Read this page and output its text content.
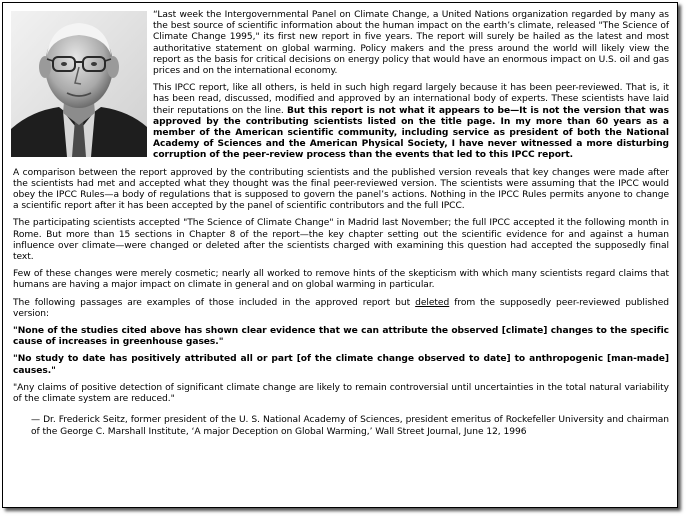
“Last week the Intergovernmental Panel on Climate Change, a United Nations organization regarded by many as the best source of scientific information about the human impact on the earth’s climate, released "The Science of Climate Change 1995," its first new report in five years. The report will surely be hailed as the latest and most authoritative statement on global warming. Policy makers and the press around the world will likely view the report as the basis for critical decisions on energy policy that would have an enormous impact on U.S. oil and gas prices and on the international economy.

This IPCC report, like all others, is held in such high regard largely because it has been peer-reviewed. That is, it has been read, discussed, modified and approved by an international body of experts. These scientists have laid their reputations on the line. But this report is not what it appears to be—It is not the version that was approved by the contributing scientists listed on the title page. In my more than 60 years as a member of the American scientific community, including service as president of both the National Academy of Sciences and the American Physical Society, I have never witnessed a more disturbing corruption of the peer-review process than the events that led to this IPCC report.

A comparison between the report approved by the contributing scientists and the published version reveals that key changes were made after the scientists had met and accepted what they thought was the final peer-reviewed version. The scientists were assuming that the IPCC would obey the IPCC Rules—a body of regulations that is supposed to govern the panel’s actions. Nothing in the IPCC Rules permits anyone to change a scientific report after it has been accepted by the panel of scientific contributors and the full IPCC.

The participating scientists accepted "The Science of Climate Change" in Madrid last November; the full IPCC accepted it the following month in Rome. But more than 15 sections in Chapter 8 of the report—the key chapter setting out the scientific evidence for and against a human influence over climate—were changed or deleted after the scientists charged with examining this question had accepted the supposedly final text.

Few of these changes were merely cosmetic; nearly all worked to remove hints of the skepticism with which many scientists regard claims that humans are having a major impact on climate in general and on global warming in particular.

The following passages are examples of those included in the approved report but deleted from the supposedly peer-reviewed published version:

"None of the studies cited above has shown clear evidence that we can attribute the observed [climate] changes to the specific cause of increases in greenhouse gases."

"No study to date has positively attributed all or part [of the climate change observed to date] to anthropogenic [man-made] causes."

"Any claims of positive detection of significant climate change are likely to remain controversial until uncertainties in the total natural variability of the climate system are reduced."

— Dr. Frederick Seitz, former president of the U. S. National Academy of Sciences, president emeritus of Rockefeller University and chairman of the George C. Marshall Institute, ‘A major Deception on Global Warming,’ Wall Street Journal, June 12, 1996
